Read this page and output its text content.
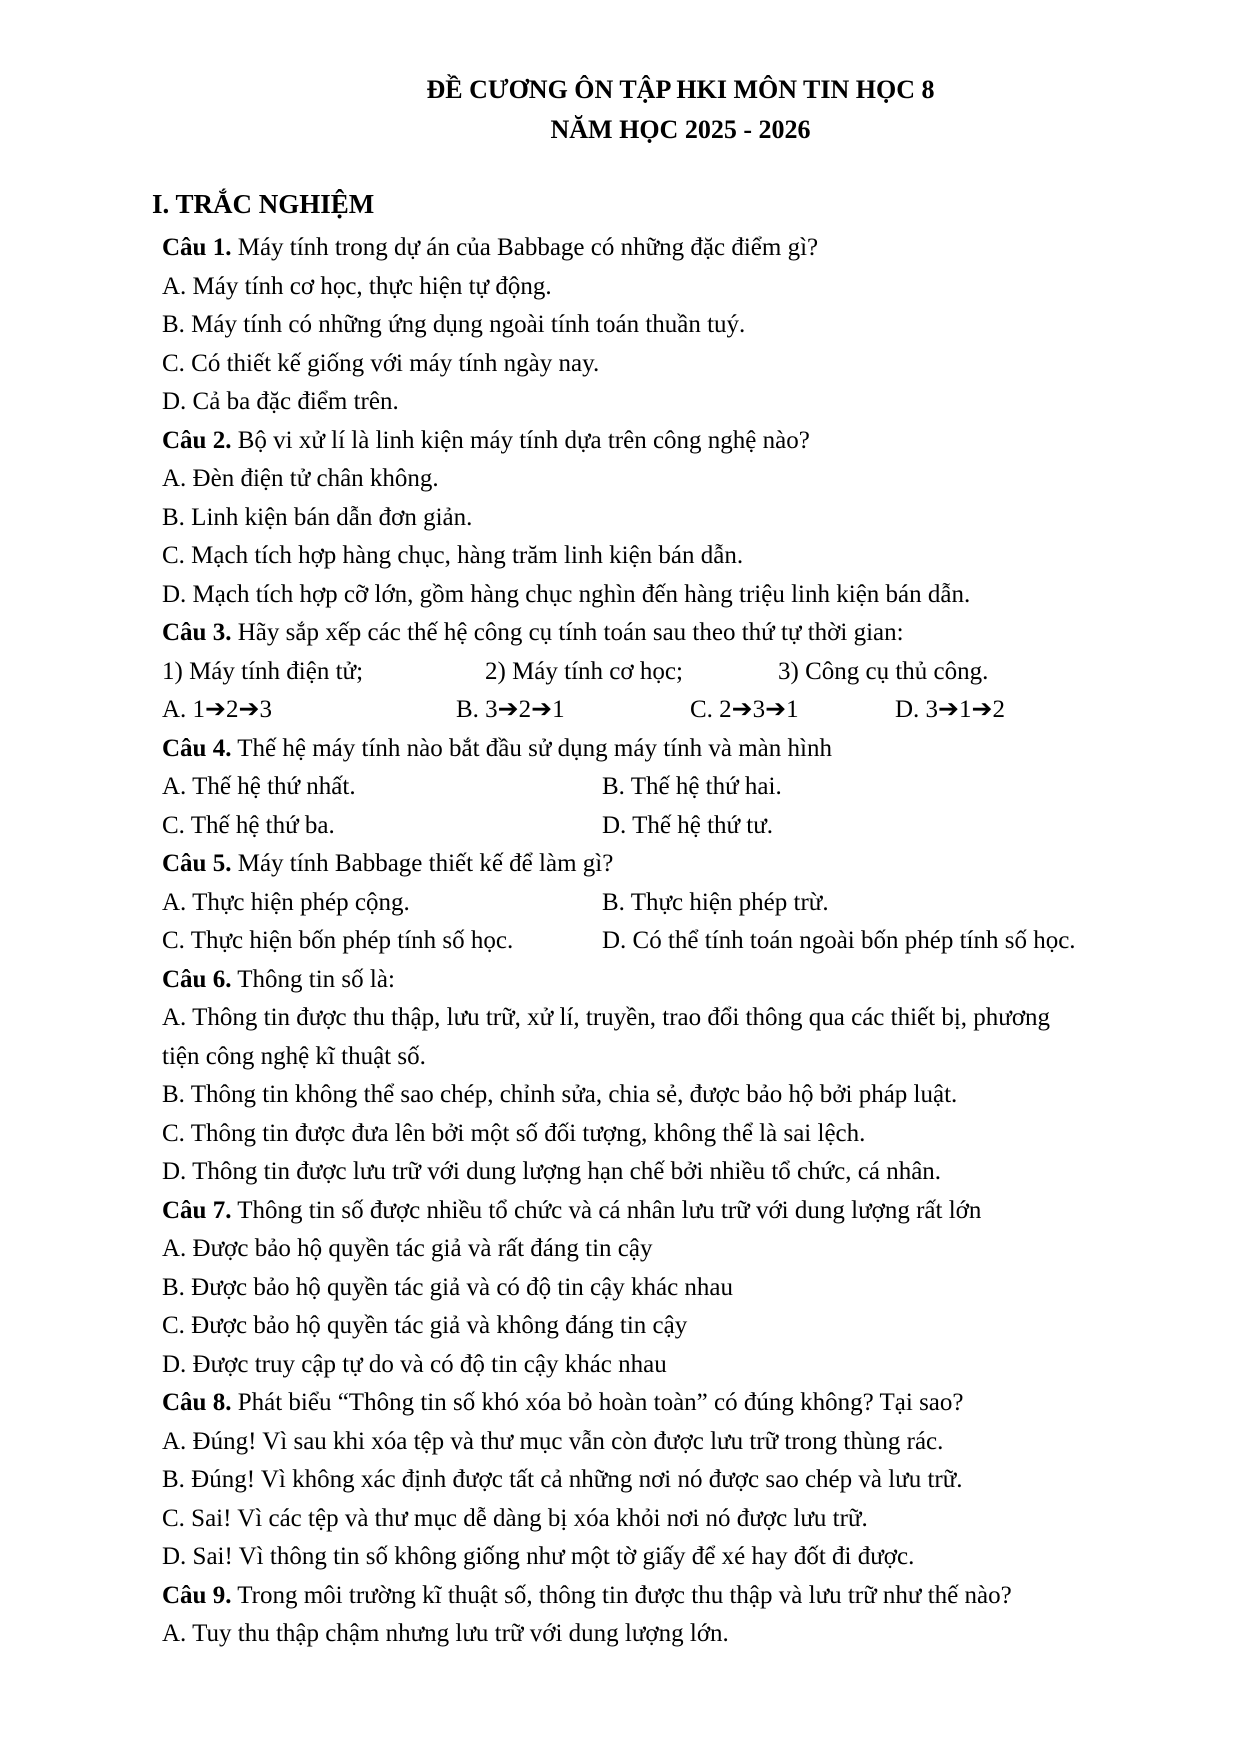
ĐỀ CƯƠNG ÔN TẬP HKI MÔN TIN HỌC 8
NĂM HỌC 2025 - 2026
I. TRẮC NGHIỆM
Câu 1. Máy tính trong dự án của Babbage có những đặc điểm gì?
A. Máy tính cơ học, thực hiện tự động.
B. Máy tính có những ứng dụng ngoài tính toán thuần tuý.
C. Có thiết kế giống với máy tính ngày nay.
D. Cả ba đặc điểm trên.
Câu 2. Bộ vi xử lí là linh kiện máy tính dựa trên công nghệ nào?
A. Đèn điện tử chân không.
B. Linh kiện bán dẫn đơn giản.
C. Mạch tích hợp hàng chục, hàng trăm linh kiện bán dẫn.
D. Mạch tích hợp cỡ lớn, gồm hàng chục nghìn đến hàng triệu linh kiện bán dẫn.
Câu 3. Hãy sắp xếp các thế hệ công cụ tính toán sau theo thứ tự thời gian:
1) Máy tính điện tử;	2) Máy tính cơ học;	3) Công cụ thủ công.
A. 1➔2➔3	B. 3➔2➔1	C. 2➔3➔1	D. 3➔1➔2
Câu 4. Thế hệ máy tính nào bắt đầu sử dụng máy tính và màn hình
A. Thế hệ thứ nhất.	B. Thế hệ thứ hai.
C. Thế hệ thứ ba.	D. Thế hệ thứ tư.
Câu 5. Máy tính Babbage thiết kế để làm gì?
A. Thực hiện phép cộng.	B. Thực hiện phép trừ.
C. Thực hiện bốn phép tính số học.	D. Có thể tính toán ngoài bốn phép tính số học.
Câu 6. Thông tin số là:
A. Thông tin được thu thập, lưu trữ, xử lí, truyền, trao đổi thông qua các thiết bị, phương
tiện công nghệ kĩ thuật số.
B. Thông tin không thể sao chép, chỉnh sửa, chia sẻ, được bảo hộ bởi pháp luật.
C. Thông tin được đưa lên bởi một số đối tượng, không thể là sai lệch.
D. Thông tin được lưu trữ với dung lượng hạn chế bởi nhiều tổ chức, cá nhân.
Câu 7. Thông tin số được nhiều tổ chức và cá nhân lưu trữ với dung lượng rất lớn
A. Được bảo hộ quyền tác giả và rất đáng tin cậy
B. Được bảo hộ quyền tác giả và có độ tin cậy khác nhau
C. Được bảo hộ quyền tác giả và không đáng tin cậy
D. Được truy cập tự do và có độ tin cậy khác nhau
Câu 8. Phát biểu “Thông tin số khó xóa bỏ hoàn toàn” có đúng không? Tại sao?
A. Đúng! Vì sau khi xóa tệp và thư mục vẫn còn được lưu trữ trong thùng rác.
B. Đúng! Vì không xác định được tất cả những nơi nó được sao chép và lưu trữ.
C. Sai! Vì các tệp và thư mục dễ dàng bị xóa khỏi nơi nó được lưu trữ.
D. Sai! Vì thông tin số không giống như một tờ giấy để xé hay đốt đi được.
Câu 9. Trong môi trường kĩ thuật số, thông tin được thu thập và lưu trữ như thế nào?
A. Tuy thu thập chậm nhưng lưu trữ với dung lượng lớn.
